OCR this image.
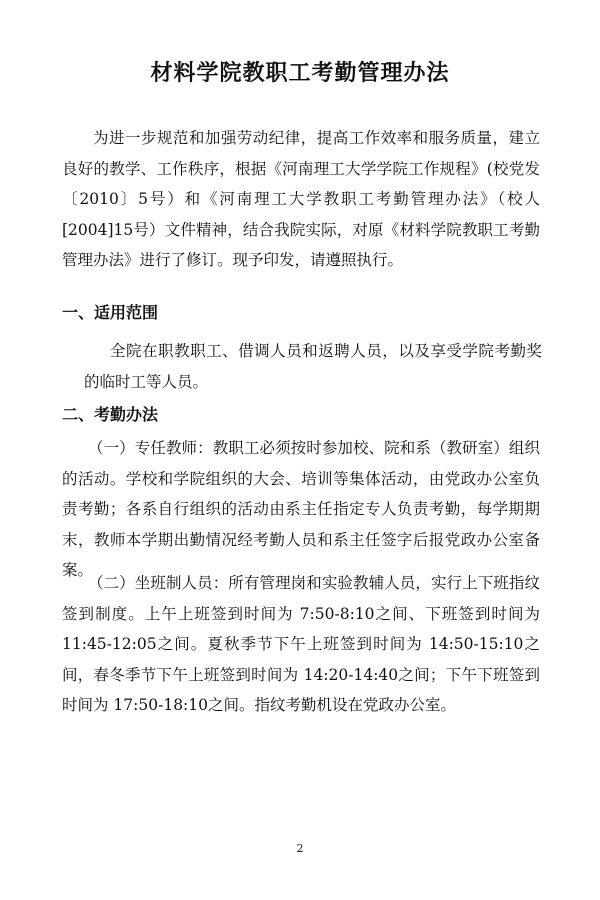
材料学院教职工考勤管理办法

为进一步规范和加强劳动纪律，提高工作效率和服务质量，建立良好的教学、工作秩序，根据《河南理工大学学院工作规程》(校党发〔2010〕5号）和《河南理工大学教职工考勤管理办法》（校人[2004]15号）文件精神，结合我院实际，对原《材料学院教职工考勤管理办法》进行了修订。现予印发，请遵照执行。

一、适用范围

全院在职教职工、借调人员和返聘人员，以及享受学院考勤奖的临时工等人员。

二、考勤办法

（一）专任教师：教职工必须按时参加校、院和系（教研室）组织的活动。学校和学院组织的大会、培训等集体活动，由党政办公室负责考勤；各系自行组织的活动由系主任指定专人负责考勤，每学期期末，教师本学期出勤情况经考勤人员和系主任签字后报党政办公室备案。

（二）坐班制人员：所有管理岗和实验教辅人员，实行上下班指纹签到制度。上午上班签到时间为 7:50-8:10之间、下班签到时间为 11:45-12:05之间。夏秋季节下午上班签到时间为 14:50-15:10之间，春冬季节下午上班签到时间为 14:20-14:40之间；下午下班签到时间为 17:50-18:10之间。指纹考勤机设在党政办公室。

2
